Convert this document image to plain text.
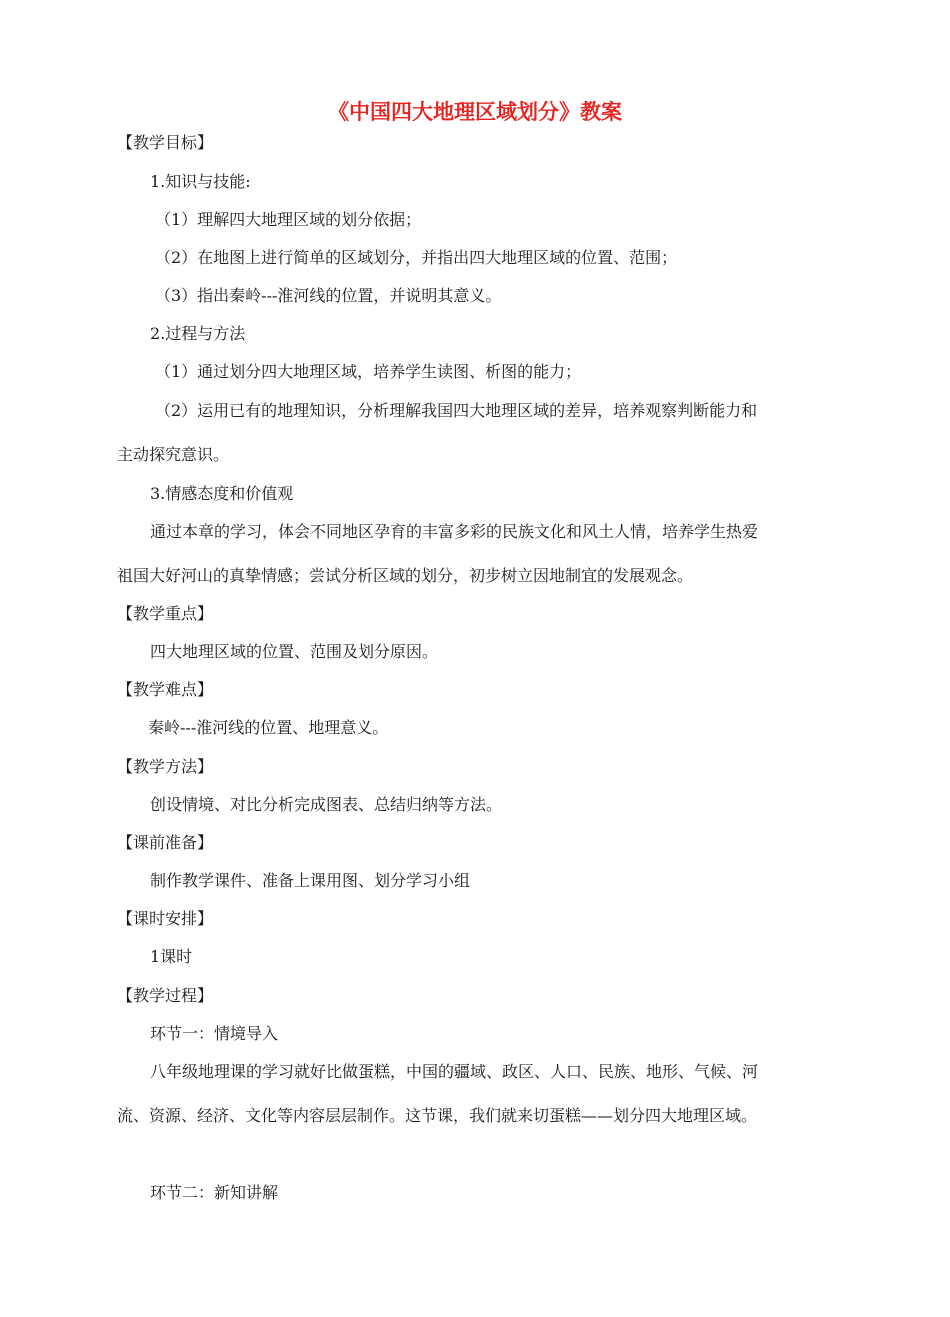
《中国四大地理区域划分》教案
【教学目标】
1.知识与技能:
（1）理解四大地理区域的划分依据；
（2）在地图上进行简单的区域划分，并指出四大地理区域的位置、范围；
（3）指出秦岭---淮河线的位置，并说明其意义。
2.过程与方法
（1）通过划分四大地理区域，培养学生读图、析图的能力；
（2）运用已有的地理知识，分析理解我国四大地理区域的差异，培养观察判断能力和
主动探究意识。
3.情感态度和价值观
通过本章的学习，体会不同地区孕育的丰富多彩的民族文化和风土人情，培养学生热爱
祖国大好河山的真挚情感；尝试分析区域的划分，初步树立因地制宜的发展观念。
【教学重点】
四大地理区域的位置、范围及划分原因。
【教学难点】
秦岭---淮河线的位置、地理意义。
【教学方法】
创设情境、对比分析完成图表、总结归纳等方法。
【课前准备】
制作教学课件、准备上课用图、划分学习小组
【课时安排】
1课时
【教学过程】
环节一：情境导入
八年级地理课的学习就好比做蛋糕，中国的疆域、政区、人口、民族、地形、气候、河
流、资源、经济、文化等内容层层制作。这节课，我们就来切蛋糕——划分四大地理区域。
环节二：新知讲解
